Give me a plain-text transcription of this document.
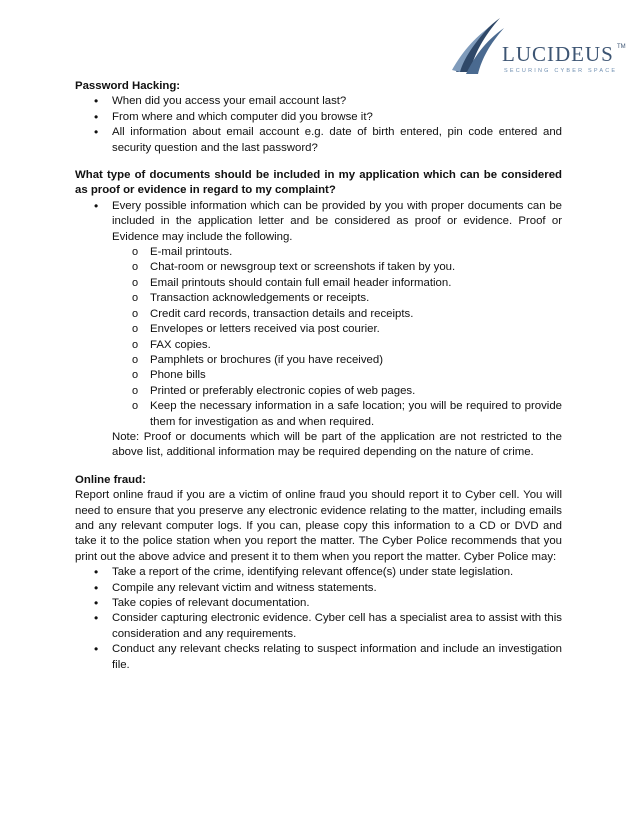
LUCIDEUS TM
SECURING CYBER SPACE

Password Hacking:

• When did you access your email account last?
• From where and which computer did you browse it?
• All information about email account e.g. date of birth entered, pin code entered and security question and the last password?

What type of documents should be included in my application which can be considered as proof or evidence in regard to my complaint?

• Every possible information which can be provided by you with proper documents can be included in the application letter and be considered as proof or evidence. Proof or Evidence may include the following.
o E-mail printouts.
o Chat-room or newsgroup text or screenshots if taken by you.
o Email printouts should contain full email header information.
o Transaction acknowledgements or receipts.
o Credit card records, transaction details and receipts.
o Envelopes or letters received via post courier.
o FAX copies.
o Pamphlets or brochures (if you have received)
o Phone bills
o Printed or preferably electronic copies of web pages.
o Keep the necessary information in a safe location; you will be required to provide them for investigation as and when required.

Note: Proof or documents which will be part of the application are not restricted to the above list, additional information may be required depending on the nature of crime.

Online fraud:

Report online fraud if you are a victim of online fraud you should report it to Cyber cell. You will need to ensure that you preserve any electronic evidence relating to the matter, including emails and any relevant computer logs. If you can, please copy this information to a CD or DVD and take it to the police station when you report the matter. The Cyber Police recommends that you print out the above advice and present it to them when you report the matter. Cyber Police may:

• Take a report of the crime, identifying relevant offence(s) under state legislation.
• Compile any relevant victim and witness statements.
• Take copies of relevant documentation.
• Consider capturing electronic evidence. Cyber cell has a specialist area to assist with this consideration and any requirements.
• Conduct any relevant checks relating to suspect information and include an investigation file.
